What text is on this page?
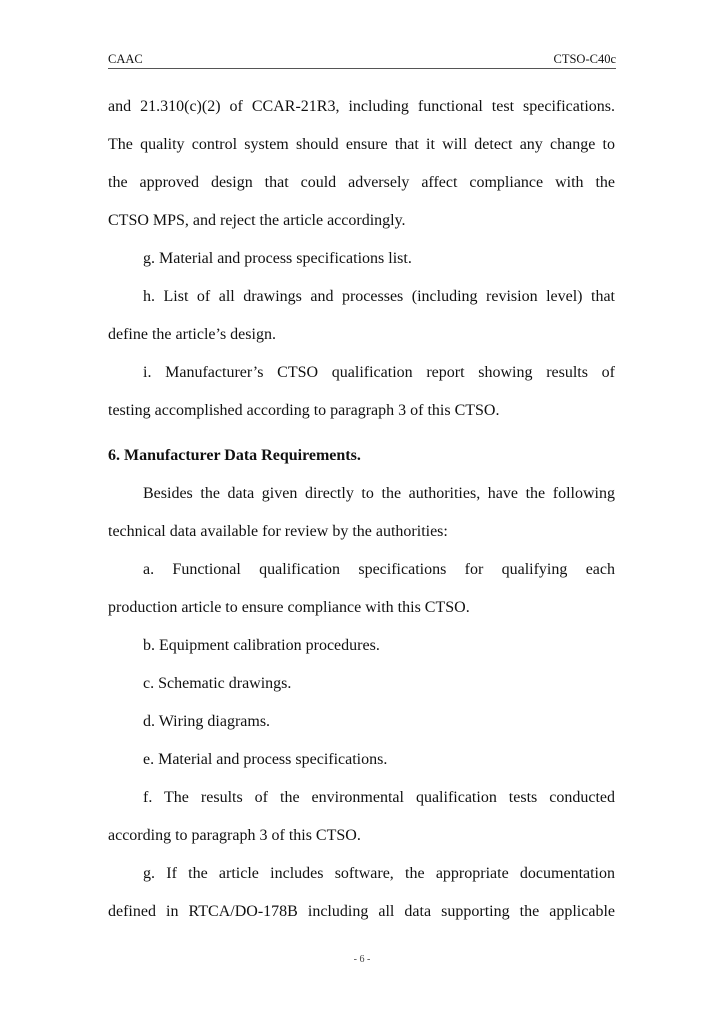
CAAC	CTSO-C40c
and 21.310(c)(2) of CCAR-21R3, including functional test specifications.
The quality control system should ensure that it will detect any change to
the approved design that could adversely affect compliance with the
CTSO MPS, and reject the article accordingly.
g. Material and process specifications list.
h. List of all drawings and processes (including revision level) that
define the article’s design.
i. Manufacturer’s CTSO qualification report showing results of
testing accomplished according to paragraph 3 of this CTSO.
6. Manufacturer Data Requirements.
Besides the data given directly to the authorities, have the following
technical data available for review by the authorities:
a. Functional qualification specifications for qualifying each
production article to ensure compliance with this CTSO.
b. Equipment calibration procedures.
c. Schematic drawings.
d. Wiring diagrams.
e. Material and process specifications.
f. The results of the environmental qualification tests conducted
according to paragraph 3 of this CTSO.
g. If the article includes software, the appropriate documentation
defined in RTCA/DO-178B including all data supporting the applicable
- 6 -
